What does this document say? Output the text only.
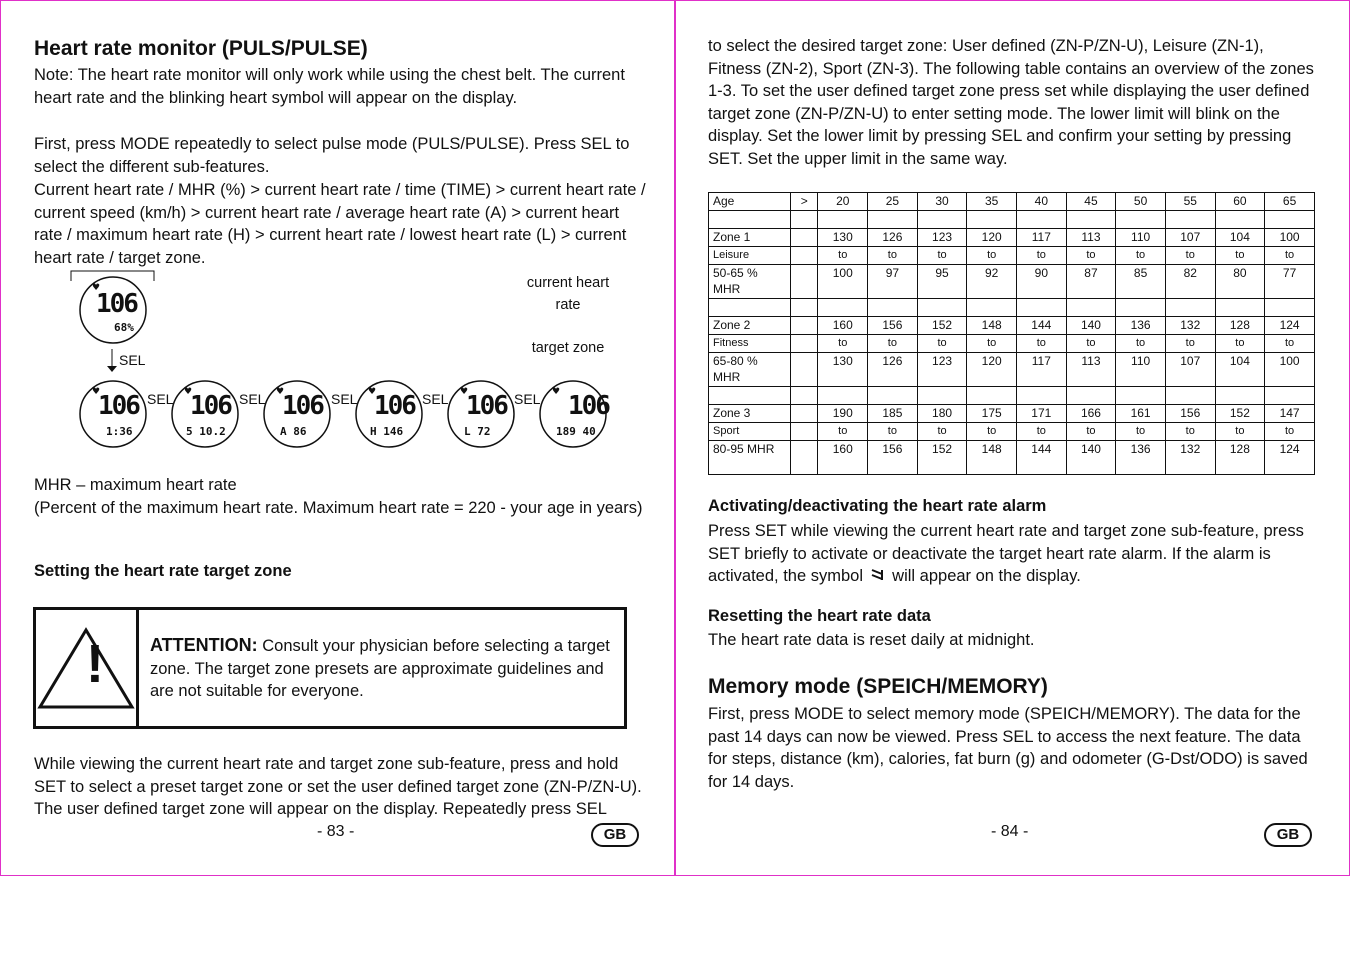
Heart rate monitor (PULS/PULSE)

Note: The heart rate monitor will only work while using the chest belt. The current heart rate and the blinking heart symbol will appear on the display.

First, press MODE repeatedly to select pulse mode (PULS/PULSE). Press SEL to select the different sub-features.

Current heart rate / MHR (%) > current heart rate / time (TIME) > current heart rate / current speed (km/h) > current heart rate / average heart rate (A) > current heart rate / maximum heart rate (H) > current heart rate / lowest heart rate (L) > current heart rate / target zone.

current heart rate
target zone
SEL
♥
106
68%
♥
106
1:36
SEL ♥
106
5 10.2
SEL ♥
106
A 86
SEL ♥
106
H 146
SEL ♥
106
L 72
SEL ♥ 106
189 40

MHR – maximum heart rate

(Percent of the maximum heart rate. Maximum heart rate = 220 - your age in years)

Setting the heart rate target zone
!	ATTENTION: Consult your physician before selecting a target zone. The target zone presets are approximate guidelines and are not suitable for everyone.

While viewing the current heart rate and target zone sub-feature, press and hold SET to select a preset target zone or set the user defined target zone (ZN-P/ZN-U). The user defined target zone will appear on the display. Repeatedly press SEL

- 83 -	GB

to select the desired target zone: User defined (ZN-P/ZN-U), Leisure (ZN-1), Fitness (ZN-2), Sport (ZN-3). The following table contains an overview of the zones 1-3. To set the user defined target zone press set while displaying the user defined target zone (ZN-P/ZN-U) to enter setting mode. The lower limit will blink on the display. Set the lower limit by pressing SEL and confirm your setting by pressing SET. Set the upper limit in the same way.

Age	>	20	25	30	35	40	45	50	55	60	65

Zone 1		130	126	123	120	117	113	110	107	104	100
Leisure		to	to	to	to	to	to	to	to	to	to
50-65 % MHR		100	97	95	92	90	87	85	82	80	77

Zone 2		160	156	152	148	144	140	136	132	128	124
Fitness		to	to	to	to	to	to	to	to	to	to
65-80 % MHR		130	126	123	120	117	113	110	107	104	100

Zone 3		190	185	180	175	171	166	161	156	152	147
Sport		to	to	to	to	to	to	to	to	to	to
80-95 MHR		160	156	152	148	144	140	136	132	128	124
Activating/deactivating the heart rate alarm

Press SET while viewing the current heart rate and target zone sub-feature, press SET briefly to activate or deactivate the target heart rate alarm. If the alarm is activated, the symbol  will appear on the display.

Resetting the heart rate data

The heart rate data is reset daily at midnight.

Memory mode (SPEICH/MEMORY)

First, press MODE to select memory mode (SPEICH/MEMORY). The data for the past 14 days can now be viewed. Press SEL to access the next feature. The data for steps, distance (km), calories, fat burn (g) and odometer (G-Dst/ODO) is saved for 14 days.

- 84 -	GB
